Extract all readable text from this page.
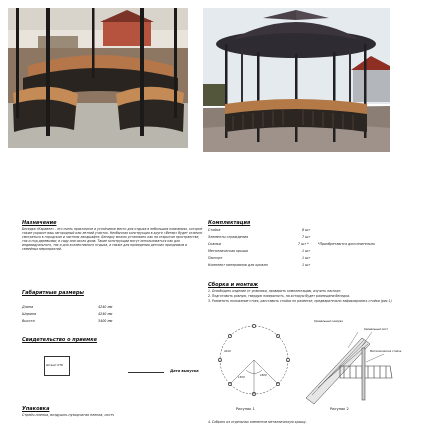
Назначение
Беседка «Каравел» - это очень практичное и устойчивое место для отдыха в небольших компаниях, которое также украсит ваш загородный или летний участок. Необычная конструкция в круге «Ветер» будет отлично смотреться в городском и частном ландшафте. Беседку можно установить как на открытом пространстве, так и под деревьями, в саду или около дома. Такие конструкции могут использоваться как для индивидуального, так и для коллективного отдыха, а также для проведения детских праздников и семейных мероприятий.
Комплектация
Стойка	8 шт
Элементы ограждения	7 шт
Скамьи	7 шт *	*Приобретаются дополнительно
Металлическая крыша	1 шт
Паспорт	1 шт
Комплект материалов для кровли	1 шт
Габаритные размеры
Длина	4240 мм
Ширина	4240 мм
Высота	3400 мм
Свидетельство о приемке
Штамп ОТК
Дата выпуска
Упаковка
Стрейч-пленка, воздушно-пузырчатая пленка, скотч
Сборка и монтаж
1. Освободить изделие от упаковки, проверить комплектацию, изучить паспорт.
2. Подготовить ровную, твердую поверхность, на которую будет размещена беседка.
3. Разметить положение стоек, расставить стойки по разметке, предварительно зафиксировать стойки (рис.1)
4240
1600
1300
Рисунок 1
Кровельный саморез
Кровельный лист
Металлическая стойка
Рисунок 2
4. Собрать из отдельных элементов металлическую крышу.
